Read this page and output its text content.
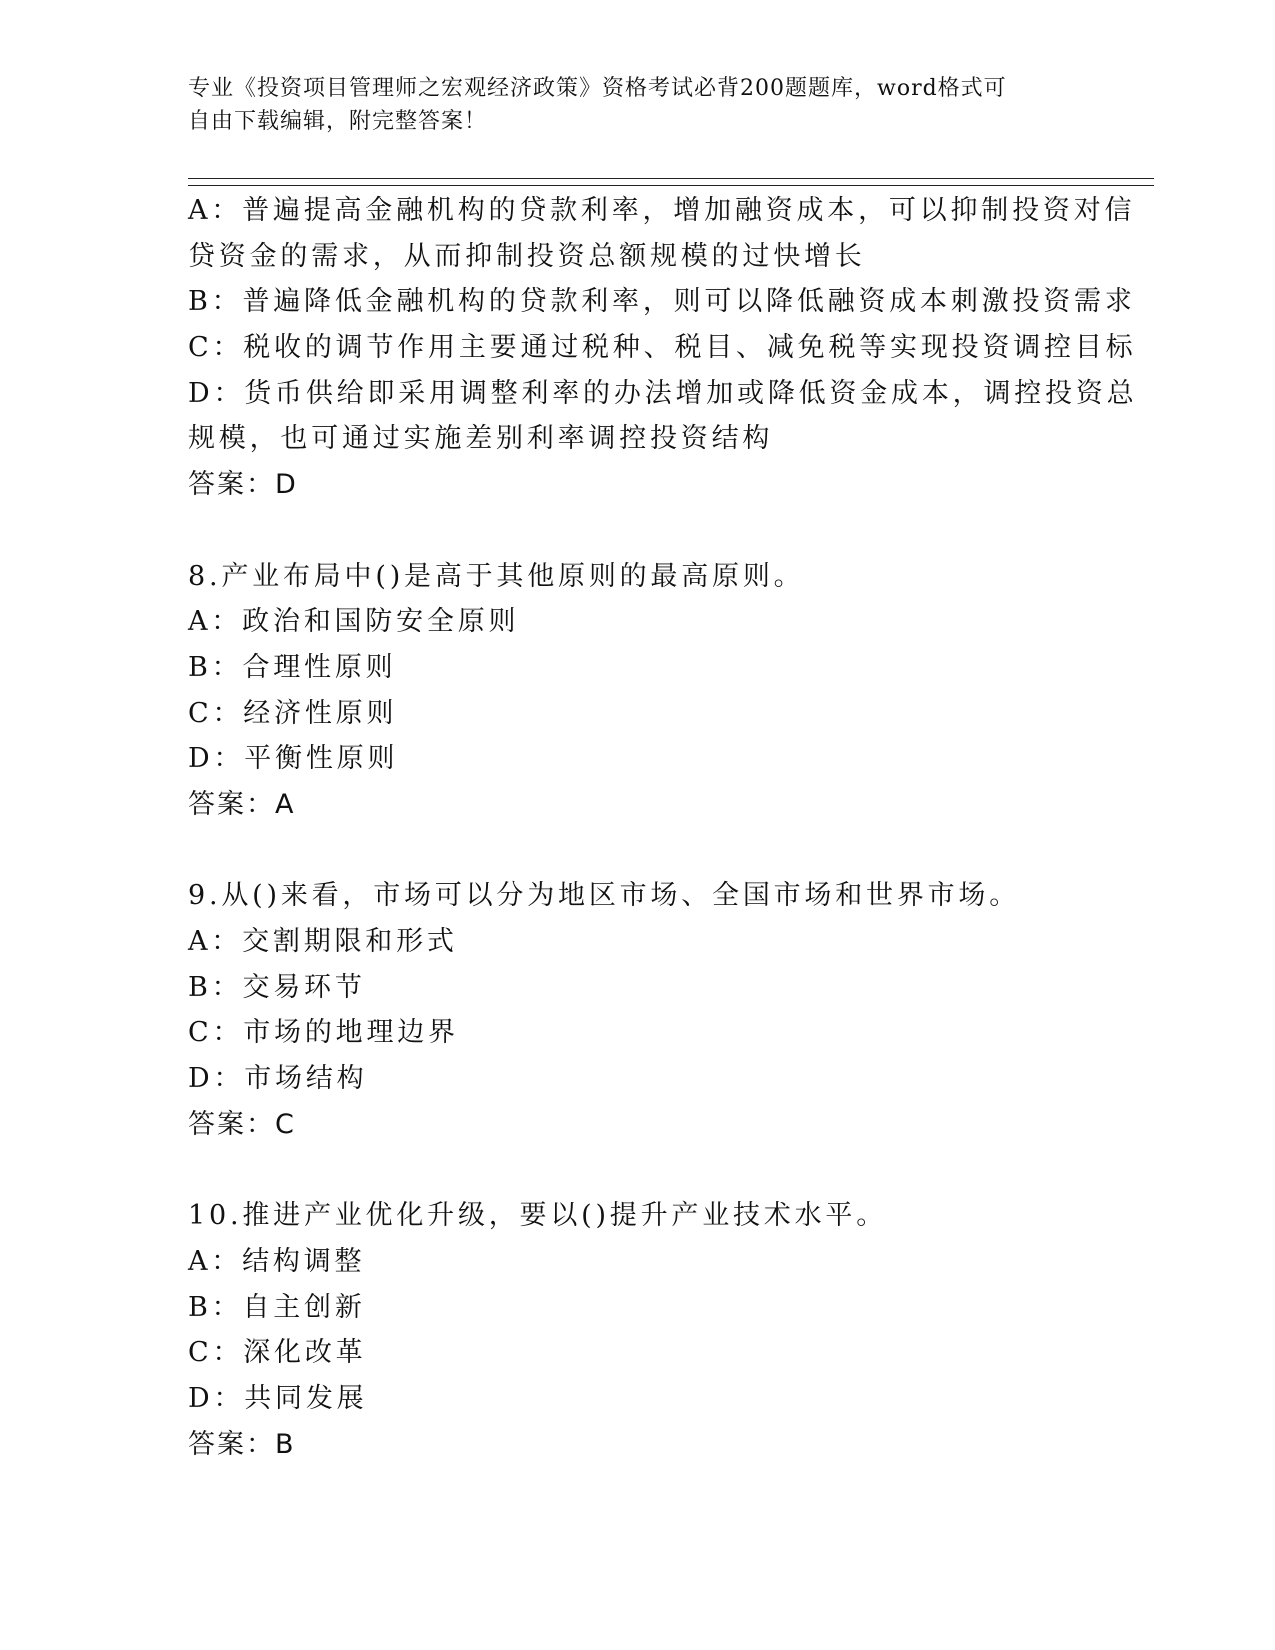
专业《投资项目管理师之宏观经济政策》资格考试必背200题题库，word格式可
自由下载编辑，附完整答案！
A：普遍提高金融机构的贷款利率，增加融资成本，可以抑制投资对信
贷资金的需求，从而抑制投资总额规模的过快增长
B：普遍降低金融机构的贷款利率，则可以降低融资成本刺激投资需求
C：税收的调节作用主要通过税种、税目、减免税等实现投资调控目标
D：货币供给即采用调整利率的办法增加或降低资金成本，调控投资总
规模，也可通过实施差别利率调控投资结构
答案：D
8.产业布局中()是高于其他原则的最高原则。
A：政治和国防安全原则
B：合理性原则
C：经济性原则
D：平衡性原则
答案：A
9.从()来看，市场可以分为地区市场、全国市场和世界市场。
A：交割期限和形式
B：交易环节
C：市场的地理边界
D：市场结构
答案：C
10.推进产业优化升级，要以()提升产业技术水平。
A：结构调整
B：自主创新
C：深化改革
D：共同发展
答案：B
